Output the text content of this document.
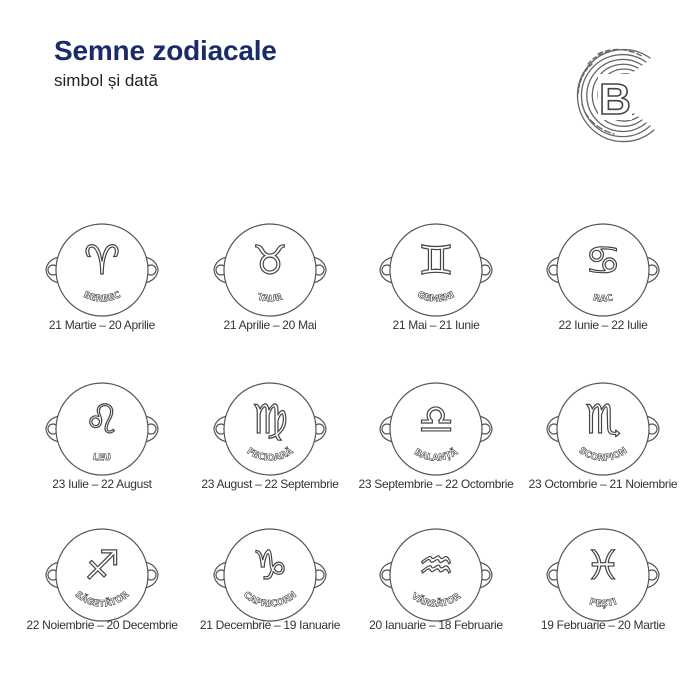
Semne zodiacale
simbol și dată	B
♈
BERBEC
21 Martie – 20 Aprilie
♉
TAUR
21 Aprilie – 20 Mai
♊
GEMENI
21 Mai – 21 Iunie
♋
RAC
22 Iunie – 22 Iulie
♌
LEU
23 Iulie – 22 August
♍
FECIOARĂ
23 August – 22 Septembrie
♎
BALANȚĂ
23 Septembrie – 22 Octombrie
♏
SCORPION
23 Octombrie – 21 Noiembrie
♐
SĂGETĂTOR
22 Noiembrie – 20 Decembrie
♑
CAPRICORN
21 Decembrie – 19 Ianuarie
♒
VĂRSĂTOR
20 Ianuarie – 18 Februarie
♓
PEȘTI
19 Februarie – 20 Martie
